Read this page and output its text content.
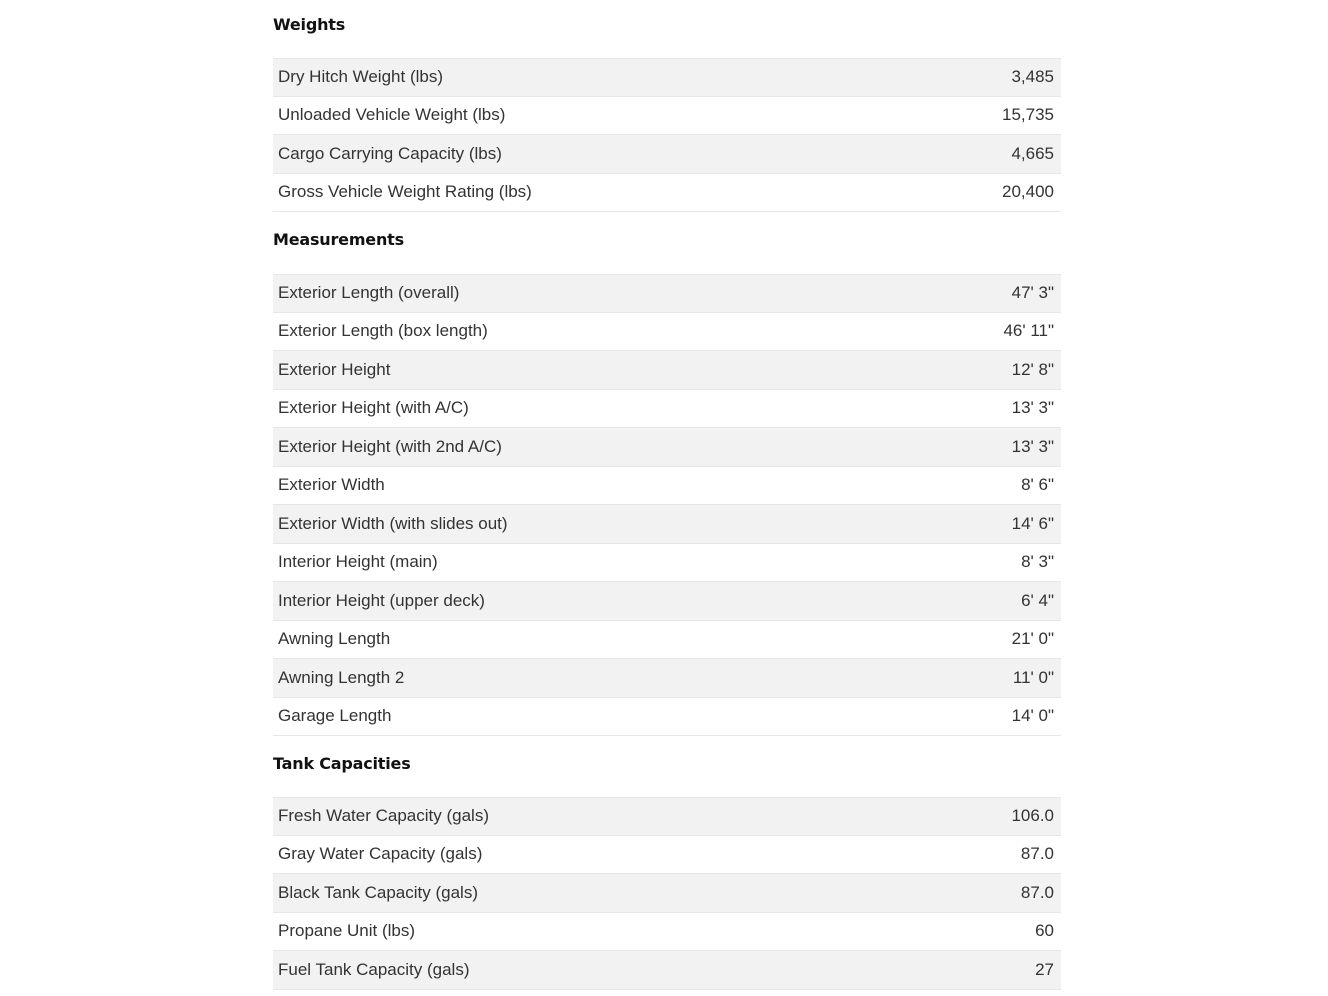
Weights
Dry Hitch Weight (lbs)	3,485
Unloaded Vehicle Weight (lbs)	15,735
Cargo Carrying Capacity (lbs)	4,665
Gross Vehicle Weight Rating (lbs)	20,400
Measurements
Exterior Length (overall)	47' 3"
Exterior Length (box length)	46' 11"
Exterior Height	12' 8"
Exterior Height (with A/C)	13' 3"
Exterior Height (with 2nd A/C)	13' 3"
Exterior Width	8' 6"
Exterior Width (with slides out)	14' 6"
Interior Height (main)	8' 3"
Interior Height (upper deck)	6' 4"
Awning Length	21' 0"
Awning Length 2	11' 0"
Garage Length	14' 0"
Tank Capacities
Fresh Water Capacity (gals)	106.0
Gray Water Capacity (gals)	87.0
Black Tank Capacity (gals)	87.0
Propane Unit (lbs)	60
Fuel Tank Capacity (gals)	27
